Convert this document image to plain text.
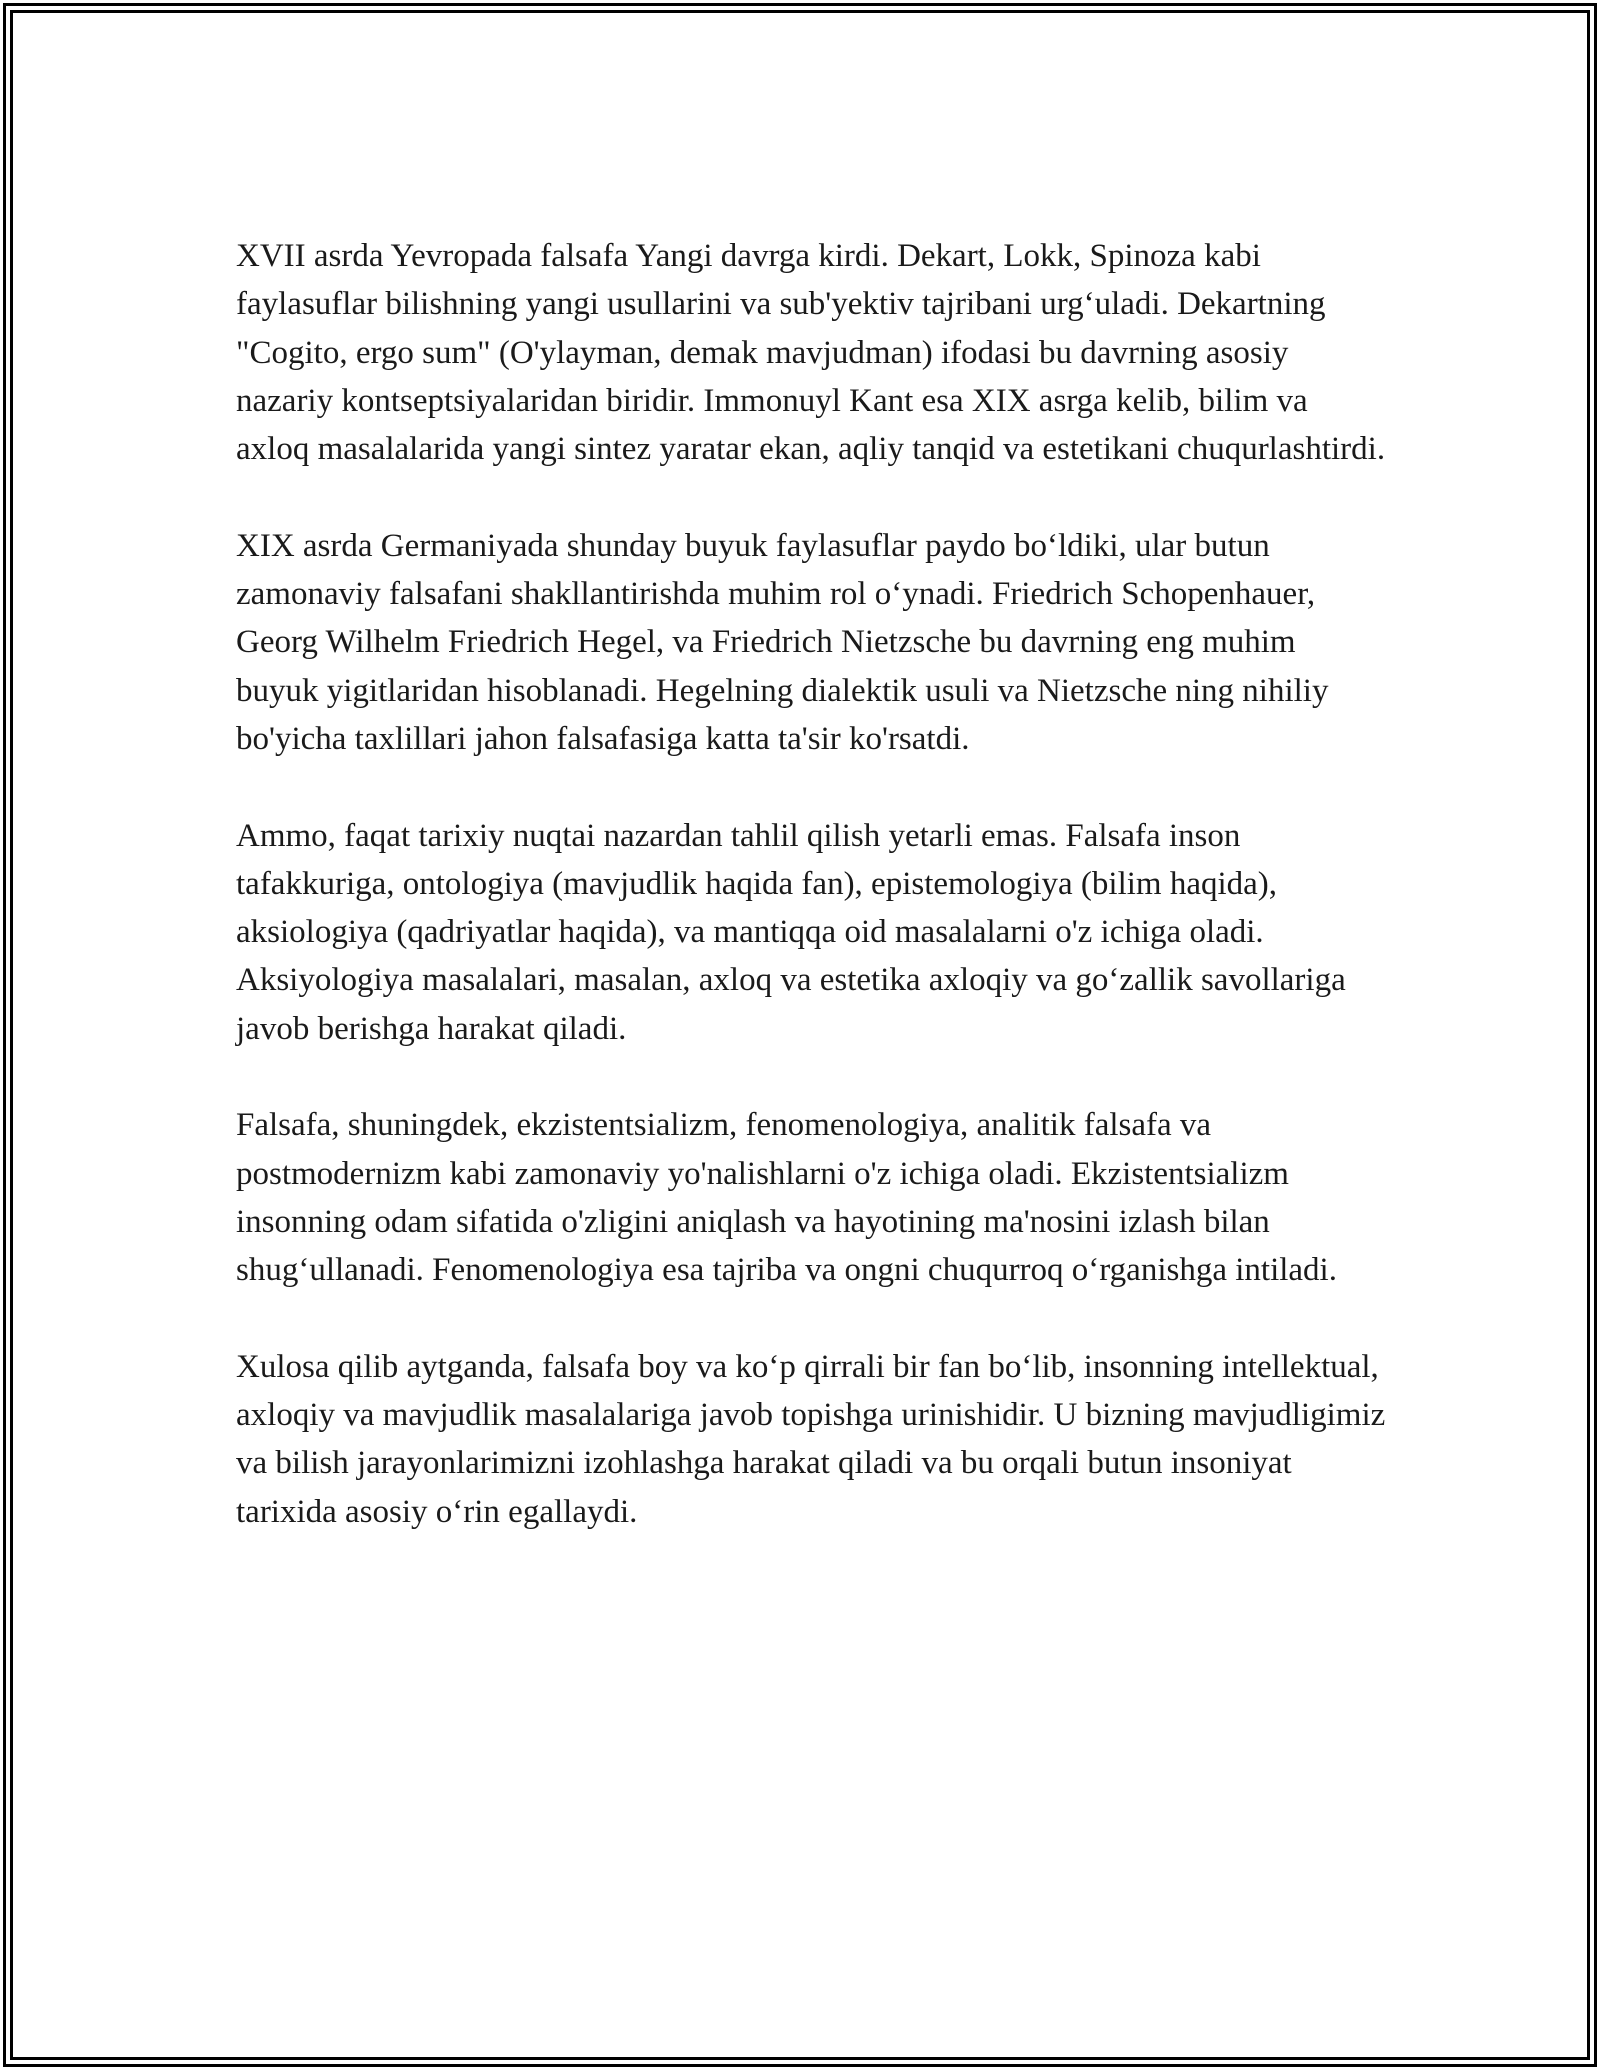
XVII asrda Yevropada falsafa Yangi davrga kirdi. Dekart, Lokk, Spinoza kabi faylasuflar bilishning yangi usullarini va sub'yektiv tajribani urg‘uladi. Dekartning "Cogito, ergo sum" (O'ylayman, demak mavjudman) ifodasi bu davrning asosiy nazariy kontseptsiyalaridan biridir. Immonuyl Kant esa XIX asrga kelib, bilim va axloq masalalarida yangi sintez yaratar ekan, aqliy tanqid va estetikani chuqurlashtirdi.

XIX asrda Germaniyada shunday buyuk faylasuflar paydo bo‘ldiki, ular butun zamonaviy falsafani shakllantirishda muhim rol o‘ynadi. Friedrich Schopenhauer, Georg Wilhelm Friedrich Hegel, va Friedrich Nietzsche bu davrning eng muhim buyuk yigitlaridan hisoblanadi. Hegelning dialektik usuli va Nietzsche ning nihiliy bo'yicha taxlillari jahon falsafasiga katta ta'sir ko'rsatdi.

Ammo, faqat tarixiy nuqtai nazardan tahlil qilish yetarli emas. Falsafa inson tafakkuriga, ontologiya (mavjudlik haqida fan), epistemologiya (bilim haqida), aksiologiya (qadriyatlar haqida), va mantiqqa oid masalalarni o'z ichiga oladi. Aksiyologiya masalalari, masalan, axloq va estetika axloqiy va go‘zallik savollariga javob berishga harakat qiladi.

Falsafa, shuningdek, ekzistentsializm, fenomenologiya, analitik falsafa va postmodernizm kabi zamonaviy yo'nalishlarni o'z ichiga oladi. Ekzistentsializm insonning odam sifatida o'zligini aniqlash va hayotining ma'nosini izlash bilan shug‘ullanadi. Fenomenologiya esa tajriba va ongni chuqurroq o‘rganishga intiladi.

Xulosa qilib aytganda, falsafa boy va ko‘p qirrali bir fan bo‘lib, insonning intellektual, axloqiy va mavjudlik masalalariga javob topishga urinishidir. U bizning mavjudligimiz va bilish jarayonlarimizni izohlashga harakat qiladi va bu orqali butun insoniyat tarixida asosiy o‘rin egallaydi.
